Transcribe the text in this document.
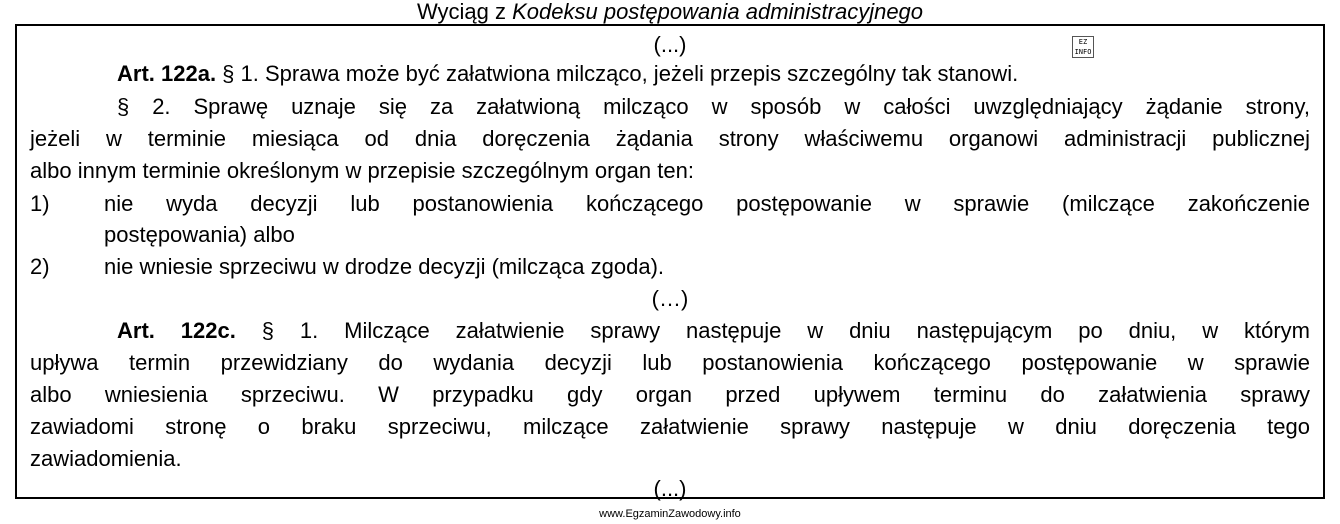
Wyciąg z Kodeksu postępowania administracyjnego
EZ
INFO
(...)
Art. 122a. § 1. Sprawa może być załatwiona milcząco, jeżeli przepis szczególny tak stanowi.
§ 2. Sprawę uznaje się za załatwioną milcząco w sposób w całości uwzględniający żądanie strony,
jeżeli w terminie miesiąca od dnia doręczenia żądania strony właściwemu organowi administracji publicznej
albo innym terminie określonym w przepisie szczególnym organ ten:
1) nie wyda decyzji lub postanowienia kończącego postępowanie w sprawie (milczące zakończenie
postępowania) albo
2) nie wniesie sprzeciwu w drodze decyzji (milcząca zgoda).
(…)
Art. 122c. § 1. Milczące załatwienie sprawy następuje w dniu następującym po dniu, w którym
upływa termin przewidziany do wydania decyzji lub postanowienia kończącego postępowanie w sprawie
albo wniesienia sprzeciwu. W przypadku gdy organ przed upływem terminu do załatwienia sprawy
zawiadomi stronę o braku sprzeciwu, milczące załatwienie sprawy następuje w dniu doręczenia tego
zawiadomienia.
(...)
www.EgzaminZawodowy.info
